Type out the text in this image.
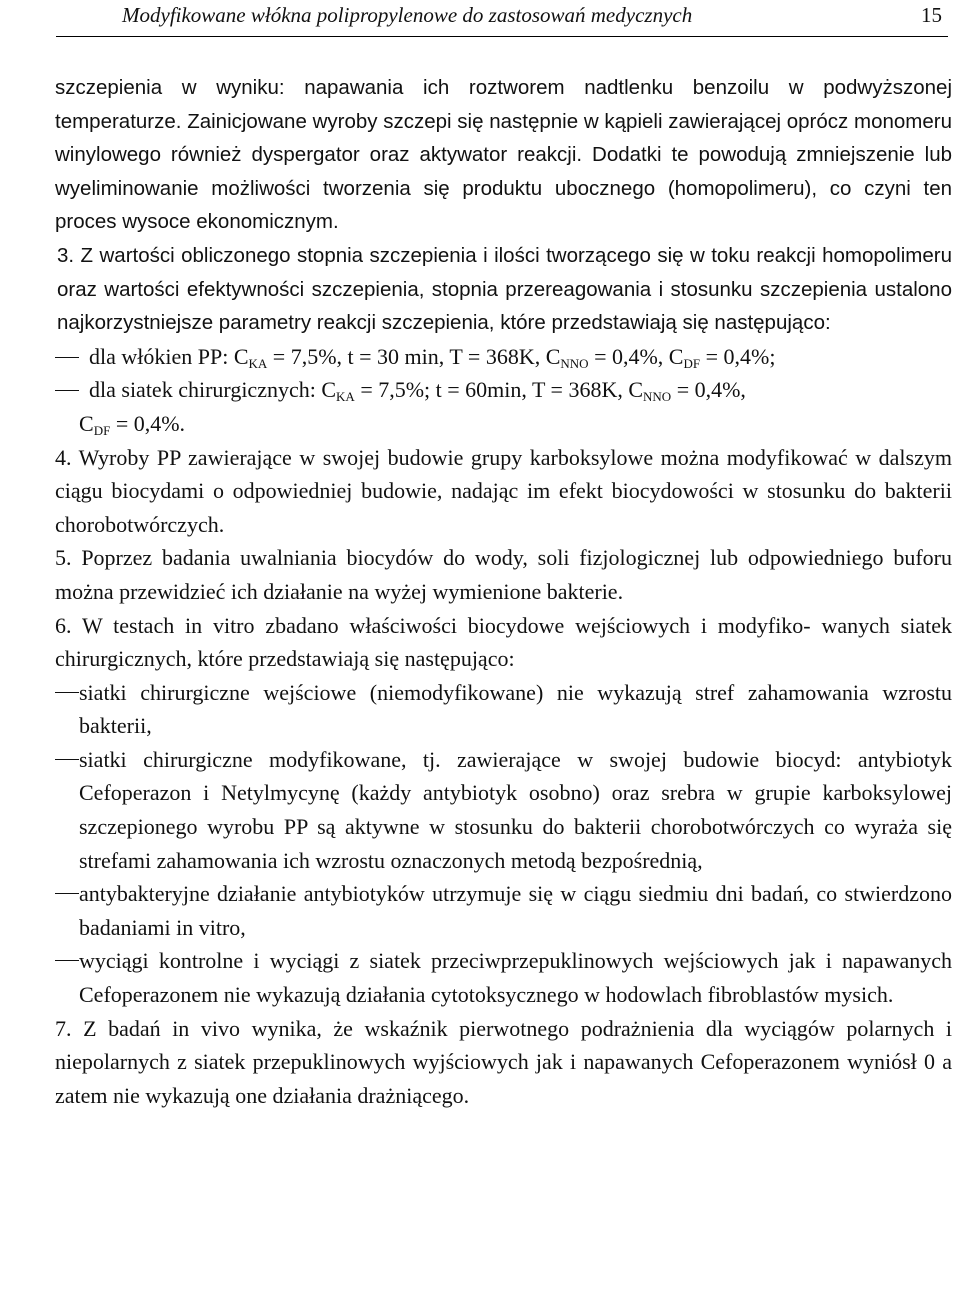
Modyfikowane włókna polipropylenowe do zastosowań medycznych	15

szczepienia w wyniku: napawania ich roztworem nadtlenku benzoilu w podwyższonej temperaturze. Zainicjowane wyroby szczepi się następnie w kąpieli zawierającej oprócz monomeru winylowego również dyspergator oraz aktywator reakcji. Dodatki te powodują zmniejszenie lub wyeliminowanie możliwości tworzenia się produktu ubocznego (homopolimeru), co czyni ten proces wysoce ekonomicznym.

3. Z wartości obliczonego stopnia szczepienia i ilości tworzącego się w toku reakcji homopolimeru oraz wartości efektywności szczepienia, stopnia przereagowania i stosunku szczepienia ustalono najkorzystniejsze parametry reakcji szczepienia, które przedstawiają się następująco:

dla włókien PP: $C_{KA} = 7,5\%$, t = 30 min, T = 368K, $C_{NNO} = 0,4\%$, $C_{DF} = 0,4\%$;
dla siatek chirurgicznych: $C_{KA} = 7,5\%$; t = 60min, T = 368K, $C_{NNO} = 0,4\%$,
$C_{DF} = 0,4\%$.

4. Wyroby PP zawierające w swojej budowie grupy karboksylowe można modyfikować w dalszym ciągu biocydami o odpowiedniej budowie, nadając im efekt biocydowości w stosunku do bakterii chorobotwórczych.

5. Poprzez badania uwalniania biocydów do wody, soli fizjologicznej lub odpowiedniego buforu można przewidzieć ich działanie na wyżej wymienione bakterie.

6. W testach in vitro zbadano właściwości biocydowe wejściowych i modyfiko- wanych siatek chirurgicznych, które przedstawiają się następująco:

siatki chirurgiczne wejściowe (niemodyfikowane) nie wykazują stref zahamowania wzrostu bakterii,

siatki chirurgiczne modyfikowane, tj. zawierające w swojej budowie biocyd: antybiotyk Cefoperazon i Netylmycynę (każdy antybiotyk osobno) oraz srebra w grupie karboksylowej szczepionego wyrobu PP są aktywne w stosunku do bakterii chorobotwórczych co wyraża się strefami zahamowania ich wzrostu oznaczonych metodą bezpośrednią,

antybakteryjne działanie antybiotyków utrzymuje się w ciągu siedmiu dni badań, co stwierdzono badaniami in vitro,

wyciągi kontrolne i wyciągi z siatek przeciwprzepuklinowych wejściowych jak i napawanych Cefoperazonem nie wykazują działania cytotoksycznego w hodowlach fibroblastów mysich.

7. Z badań in vivo wynika, że wskaźnik pierwotnego podrażnienia dla wyciągów polarnych i niepolarnych z siatek przepuklinowych wyjściowych jak i napawanych Cefoperazonem wyniósł 0 a zatem nie wykazują one działania drażniącego.
